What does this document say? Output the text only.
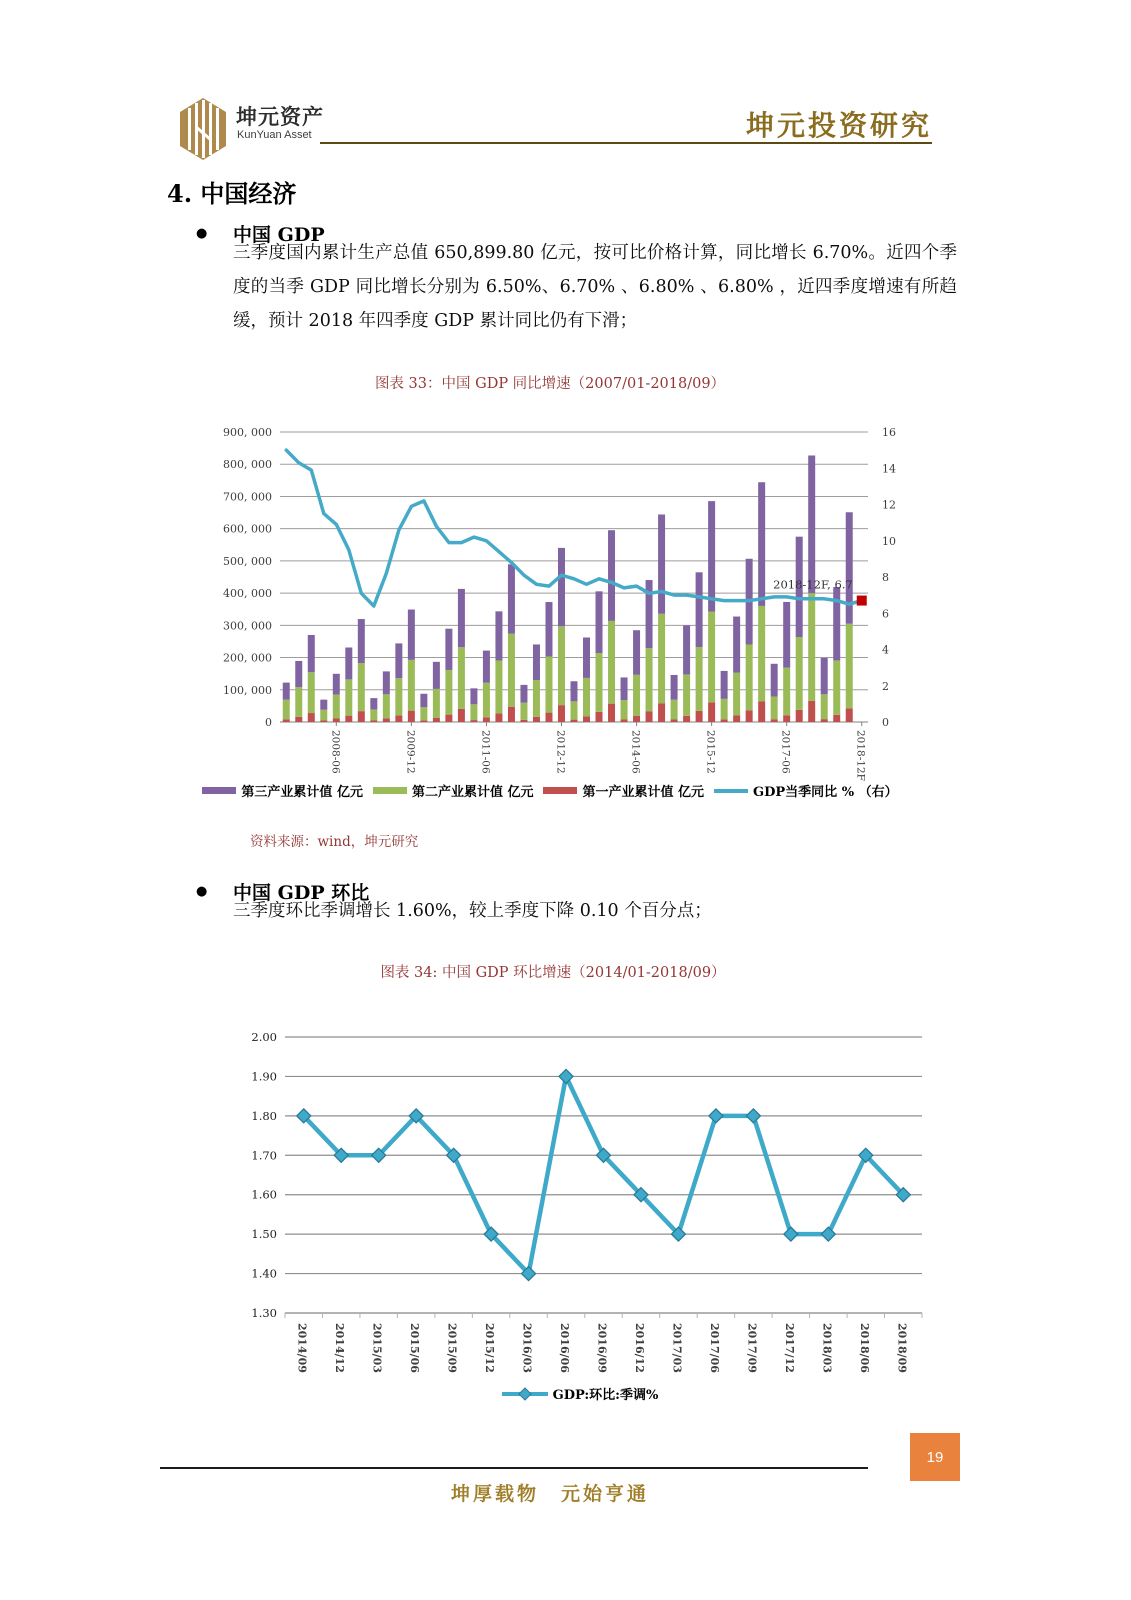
坤元资产
KunYuan Asset	坤元投资研究
4. 中国经济
● 中国 GDP

三季度国内累计生产总值 650,899.80 亿元，按可比价格计算，同比增长 6.70%。近四个季度的当季 GDP 同比增长分别为 6.50%、6.70% 、6.80% 、6.80% ，近四季度增速有所趋缓，预计 2018 年四季度 GDP 累计同比仍有下滑；

图表 33：中国 GDP 同比增速（2007/01-2018/09）
0
100, 000
200, 000
300, 000
400, 000
500, 000
600, 000
700, 000
800, 000
900, 000
0
2
4
6
8
10
12
14
16
2008-06	2009-12	2011-06	2012-12	2014-06	2015-12	2017-06	2018-12F
2018-12F, 6.7
第三产业累计值 亿元	第二产业累计值 亿元	第一产业累计值 亿元	GDP当季同比 % （右）
资料来源：wind，坤元研究
● 中国 GDP 环比

三季度环比季调增长 1.60%，较上季度下降 0.10 个百分点；

图表 34: 中国 GDP 环比增速（2014/01-2018/09）
2.00
1.90
1.80
1.70
1.60
1.50
1.40
1.30
2014/09 2014/12 2015/03 2015/06 2015/09 2015/12 2016/03 2016/06 2016/09 2016/12 2017/03 2017/06 2017/09 2017/12 2018/03 2018/06 2018/09
GDP:环比:季调%
坤厚载物　元始亨通
19
